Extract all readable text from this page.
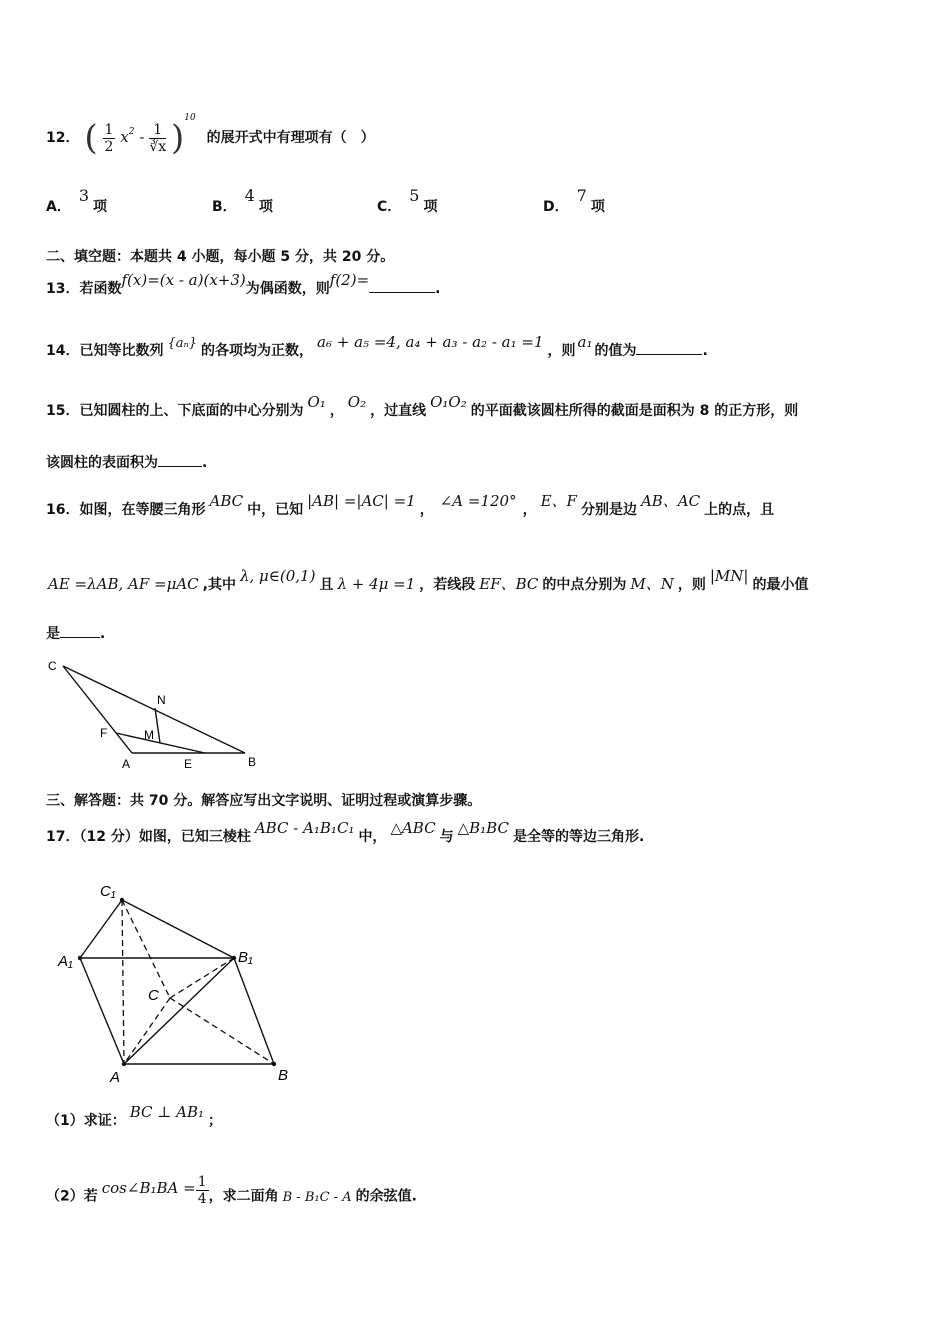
12． ( $\frac{1}{2} x^2 - \frac{1}{∛x} )^{10}$ 的展开式中有理项有（　）
A．3项	B．4项	C．5项	D．7项
二、填空题：本题共 4 小题，每小题 5 分，共 20 分。
13．若函数f(x)=(x - a)(x+3)为偶函数，则f(2)=	.
14．已知等比数列 {aₙ} 的各项均为正数， a₆ + a₅ =4, a₄ + a₃ - a₂ - a₁ =1 ，则 a₁ 的值为	.
15．已知圆柱的上、下底面的中心分别为 O₁ ， O₂ ，过直线 O₁O₂ 的平面截该圆柱所得的截面是面积为 8 的正方形，则
该圆柱的表面积为	.
16．如图，在等腰三角形 ABC 中，已知 |AB| =|AC| =1 ， ∠A =120° ， E、F 分别是边 AB、AC 上的点，且
AE =λAB, AF =μAC ,其中 λ, μ∈(0,1) 且 λ + 4μ =1 ，若线段 EF、BC 的中点分别为 M、N ，则 |MN| 的最小值
是	.
C
N
F	M
A	E	B
三、解答题：共 70 分。解答应写出文字说明、证明过程或演算步骤。
17．（12 分）如图，已知三棱柱 ABC - A₁B₁C₁ 中， △ABC 与 △B₁BC 是全等的等边三角形.
C₁
A₁	B₁
C
A	B
（1）求证： BC ⊥ AB₁ ；
（2）若 cos∠B₁BA = $\frac{1}{4}$ ，求二面角 B - B₁C - A 的余弦值.
